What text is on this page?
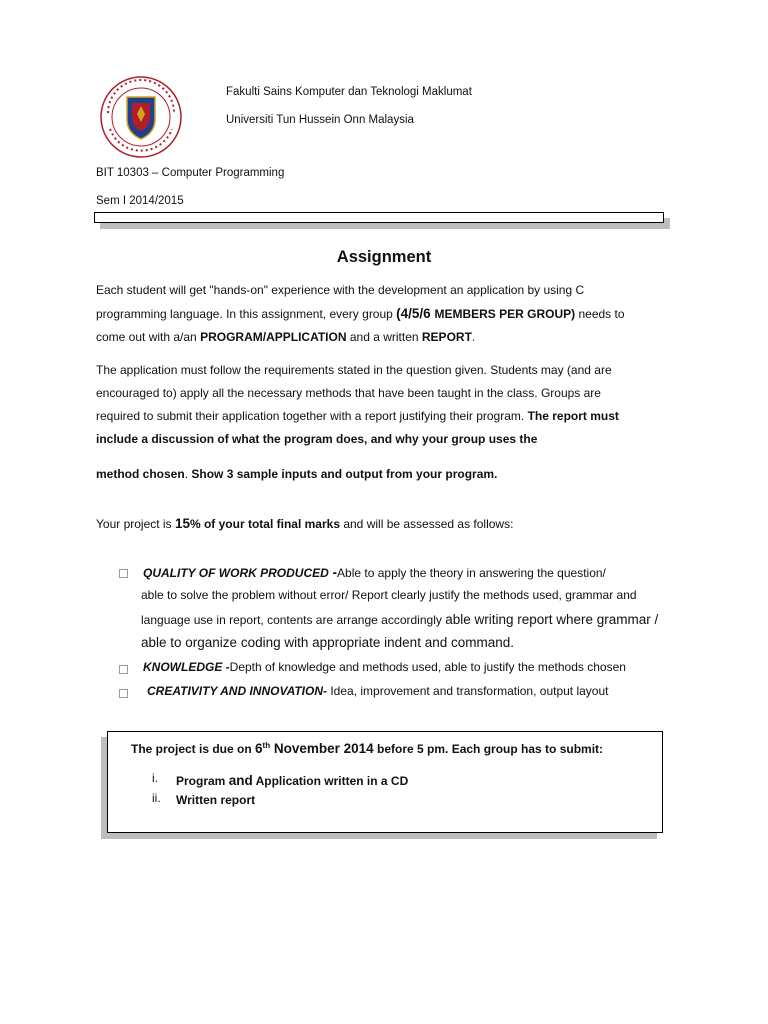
Fakulti Sains Komputer dan Teknologi Maklumat
Universiti Tun Hussein Onn Malaysia
BIT 10303 – Computer Programming
Sem I 2014/2015
Assignment
Each student will get "hands-on" experience with the development an application by using C
programming language. In this assignment, every group (4/5/6 MEMBERS PER GROUP) needs to
come out with a/an PROGRAM/APPLICATION and a written REPORT.
The application must follow the requirements stated in the question given. Students may (and are
encouraged to) apply all the necessary methods that have been taught in the class. Groups are
required to submit their application together with a report justifying their program. The report must
include a discussion of what the program does, and why your group uses the
method chosen. Show 3 sample inputs and output from your program.
Your project is 15% of your total final marks and will be assessed as follows:
QUALITY OF WORK PRODUCED -Able to apply the theory in answering the question/
able to solve the problem without error/ Report clearly justify the methods used, grammar and
language use in report, contents are arrange accordingly able writing report where grammar /
able to organize coding with appropriate indent and command.
KNOWLEDGE -Depth of knowledge and methods used, able to justify the methods chosen
CREATIVITY AND INNOVATION- Idea, improvement and transformation, output layout
The project is due on 6th November 2014 before 5 pm. Each group has to submit:
i. Program and Application written in a CD
ii. Written report
